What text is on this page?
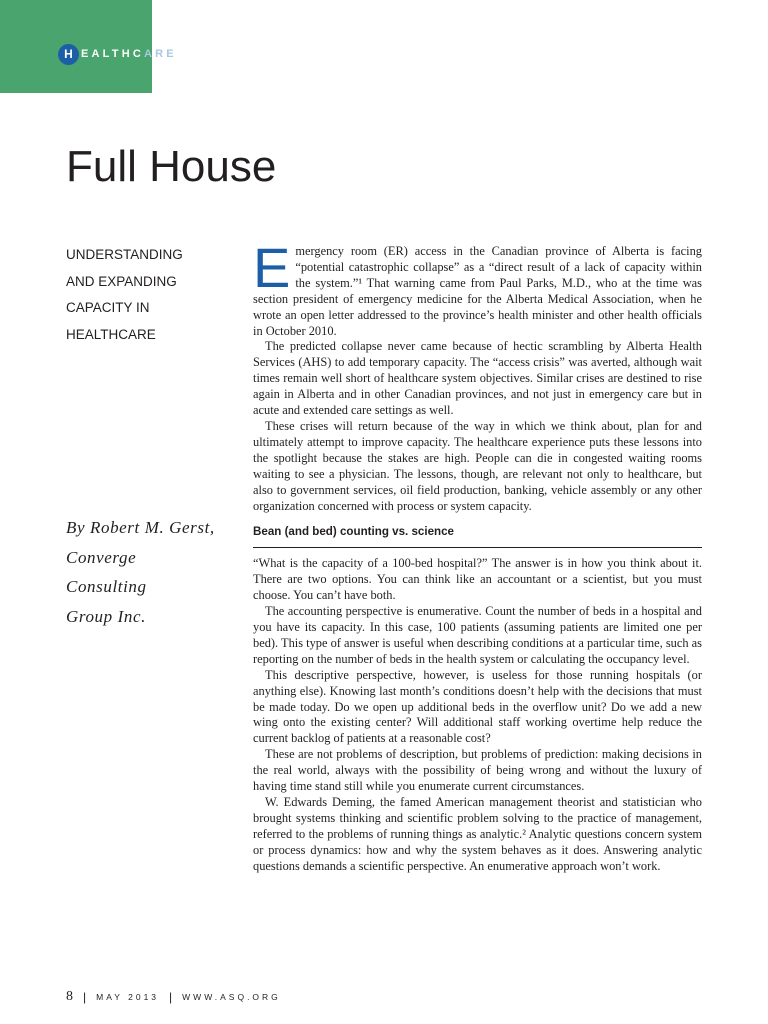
H EALTHCARE
Full House
UNDERSTANDING
AND EXPANDING
CAPACITY IN
HEALTHCARE
By Robert M. Gerst,
Converge
Consulting
Group Inc.

Emergency room (ER) access in the Canadian province of Alberta is facing “potential catastrophic collapse” as a “direct result of a lack of capacity within the system.”¹ That warning came from Paul Parks, M.D., who at the time was section president of emergency medicine for the Alberta Medical Association, when he wrote an open letter addressed to the province’s health minister and other health officials in October 2010.

The predicted collapse never came because of hectic scrambling by Alberta Health Services (AHS) to add temporary capacity. The “access crisis” was averted, although wait times remain well short of healthcare system objectives. Similar crises are destined to rise again in Alberta and in other Canadian provinces, and not just in emergency care but in acute and extended care settings as well.

These crises will return because of the way in which we think about, plan for and ultimately attempt to improve capacity. The healthcare experience puts these lessons into the spotlight because the stakes are high. People can die in congested waiting rooms waiting to see a physician. The lessons, though, are relevant not only to healthcare, but also to government services, oil field production, banking, vehicle assembly or any other organization concerned with process or system capacity.

Bean (and bed) counting vs. science

“What is the capacity of a 100-bed hospital?” The answer is in how you think about it. There are two options. You can think like an accountant or a scientist, but you must choose. You can’t have both.

The accounting perspective is enumerative. Count the number of beds in a hospital and you have its capacity. In this case, 100 patients (assuming patients are limited one per bed). This type of answer is useful when describing conditions at a particular time, such as reporting on the number of beds in the health system or calculating the occupancy level.

This descriptive perspective, however, is useless for those running hospitals (or anything else). Knowing last month’s conditions doesn’t help with the decisions that must be made today. Do we open up additional beds in the overflow unit? Do we add a new wing onto the existing center? Will additional staff working overtime help reduce the current backlog of patients at a reasonable cost?

These are not problems of description, but problems of prediction: making decisions in the real world, always with the possibility of being wrong and without the luxury of having time stand still while you enumerate current circumstances.

W. Edwards Deming, the famed American management theorist and statistician who brought systems thinking and scientific problem solving to the practice of management, referred to the problems of running things as analytic.² Analytic questions concern system or process dynamics: how and why the system behaves as it does. Answering analytic questions demands a scientific perspective. An enumerative approach won’t work.

8 | MAY 2013 | WWW.ASQ.ORG
